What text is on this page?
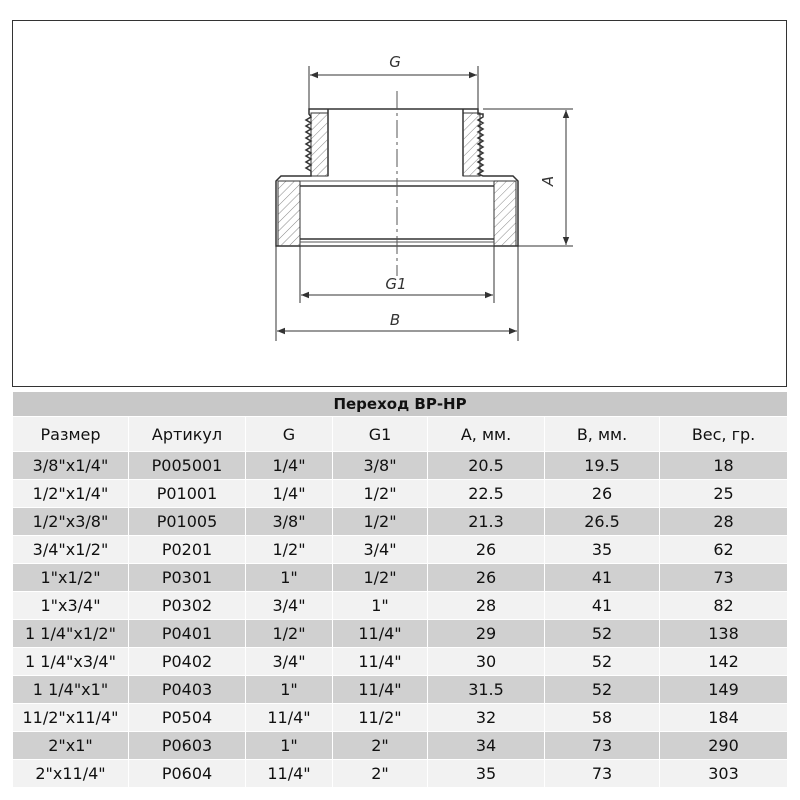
G
A
G1
B
Переход ВР-НР						
Размер	Артикул	G	G1	A, мм.	B, мм.	Вес, гр.
3/8"x1/4"	Р005001	1/4"	3/8"	20.5	19.5	18
1/2"x1/4"	Р01001	1/4"	1/2"	22.5	26	25
1/2"x3/8"	Р01005	3/8"	1/2"	21.3	26.5	28
3/4"x1/2"	Р0201	1/2"	3/4"	26	35	62
1"x1/2"	Р0301	1"	1/2"	26	41	73
1"x3/4"	Р0302	3/4"	1"	28	41	82
1 1/4"x1/2"	Р0401	1/2"	11/4"	29	52	138
1 1/4"x3/4"	Р0402	3/4"	11/4"	30	52	142
1 1/4"x1"	Р0403	1"	11/4"	31.5	52	149
11/2"x11/4"	Р0504	11/4"	11/2"	32	58	184
2"x1"	Р0603	1"	2"	34	73	290
2"x11/4"	Р0604	11/4"	2"	35	73	303
